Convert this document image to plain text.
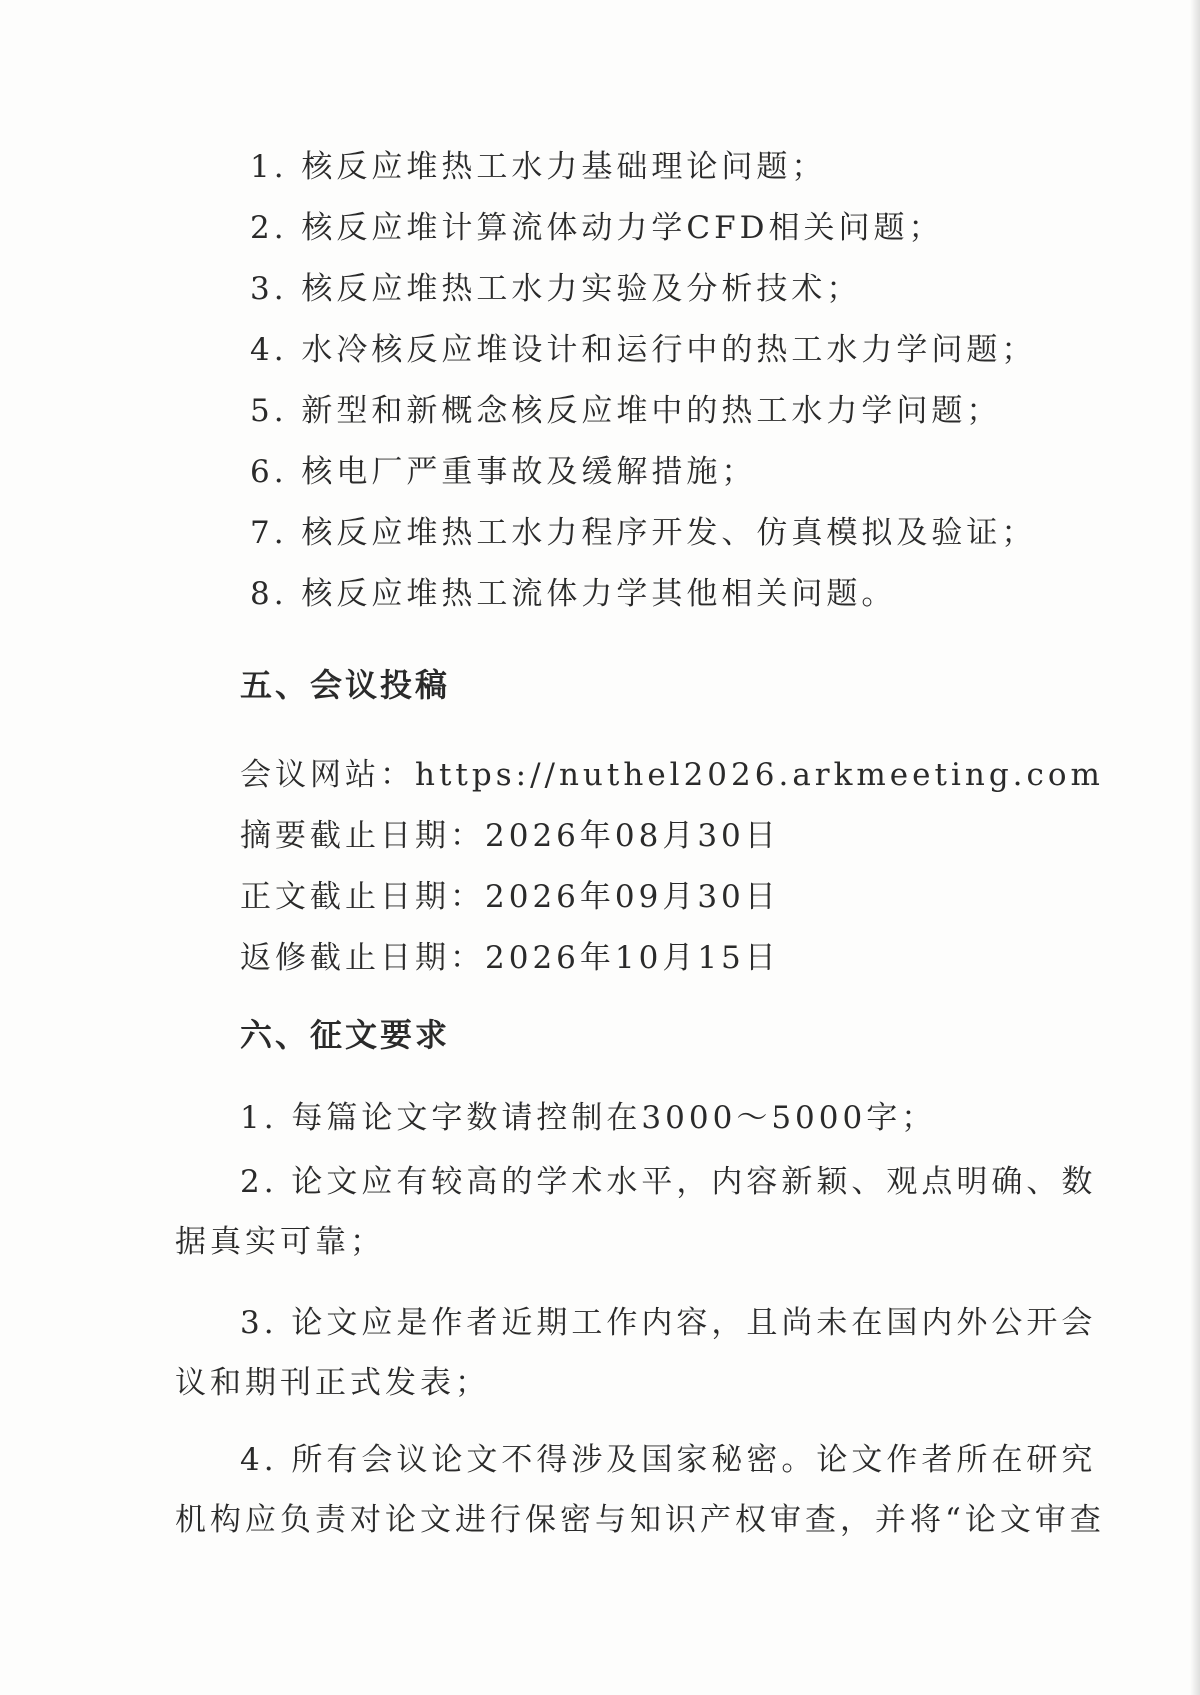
1. 核反应堆热工水力基础理论问题；
2. 核反应堆计算流体动力学CFD相关问题；
3. 核反应堆热工水力实验及分析技术；
4. 水冷核反应堆设计和运行中的热工水力学问题；
5. 新型和新概念核反应堆中的热工水力学问题；
6. 核电厂严重事故及缓解措施；
7. 核反应堆热工水力程序开发、仿真模拟及验证；
8. 核反应堆热工流体力学其他相关问题。
五、会议投稿
会议网站：https://nuthel2026.arkmeeting.com
摘要截止日期：2026年08月30日
正文截止日期：2026年09月30日
返修截止日期：2026年10月15日
六、征文要求
1. 每篇论文字数请控制在3000～5000字；
2. 论文应有较高的学术水平，内容新颖、观点明确、数
据真实可靠；
3. 论文应是作者近期工作内容，且尚未在国内外公开会
议和期刊正式发表；
4. 所有会议论文不得涉及国家秘密。论文作者所在研究
机构应负责对论文进行保密与知识产权审查，并将“论文审查
